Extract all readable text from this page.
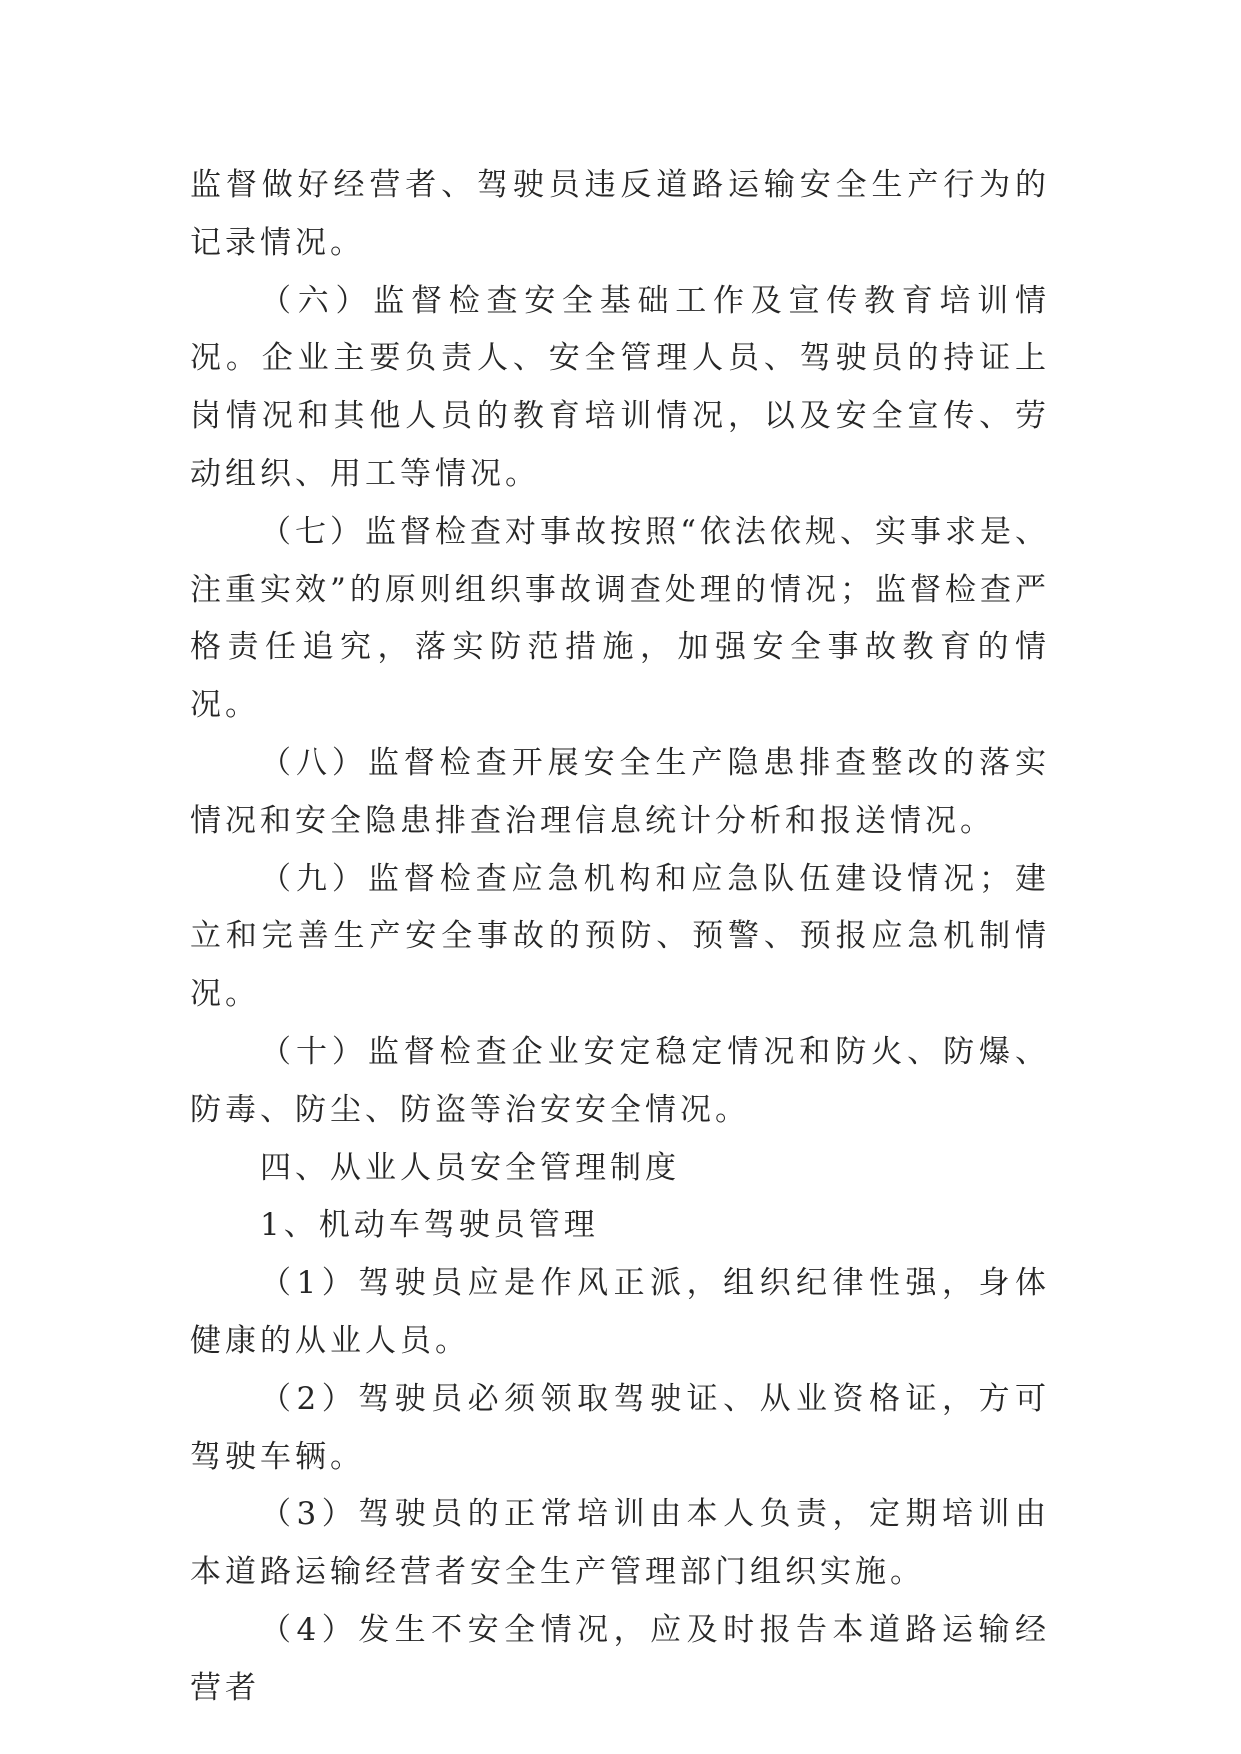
监督做好经营者、驾驶员违反道路运输安全生产行为的记录情况。

（六）监督检查安全基础工作及宣传教育培训情况。企业主要负责人、安全管理人员、驾驶员的持证上岗情况和其他人员的教育培训情况，以及安全宣传、劳动组织、用工等情况。

（七）监督检查对事故按照“依法依规、实事求是、注重实效”的原则组织事故调查处理的情况；监督检查严格责任追究，落实防范措施，加强安全事故教育的情况。

（八）监督检查开展安全生产隐患排查整改的落实情况和安全隐患排查治理信息统计分析和报送情况。

（九）监督检查应急机构和应急队伍建设情况；建立和完善生产安全事故的预防、预警、预报应急机制情况。

（十）监督检查企业安定稳定情况和防火、防爆、防毒、防尘、防盗等治安安全情况。

四、从业人员安全管理制度

1、机动车驾驶员管理

（1）驾驶员应是作风正派，组织纪律性强，身体健康的从业人员。

（2）驾驶员必须领取驾驶证、从业资格证，方可驾驶车辆。

（3）驾驶员的正常培训由本人负责，定期培训由本道路运输经营者安全生产管理部门组织实施。

（4）发生不安全情况，应及时报告本道路运输经营者
